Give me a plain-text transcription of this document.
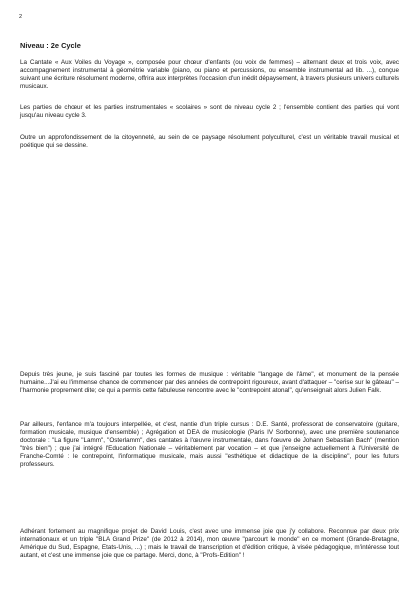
2
Niveau : 2e Cycle

La Cantate « Aux Voiles du Voyage », composée pour chœur d'enfants (ou voix de femmes) – alternant deux et trois voix, avec accompagnement instrumental à géométrie variable (piano, ou piano et percussions, ou ensemble instrumental ad lib. ...), conçue suivant une écriture résolument moderne, offrira aux interprètes l'occasion d'un inédit dépaysement, à travers plusieurs univers culturels musicaux.

Les parties de chœur et les parties instrumentales « scolaires » sont de niveau cycle 2 ; l'ensemble contient des parties qui vont jusqu'au niveau cycle 3.

Outre un approfondissement de la citoyenneté, au sein de ce paysage résolument polyculturel, c'est un véritable travail musical et poétique qui se dessine.

Depuis très jeune, je suis fasciné par toutes les formes de musique : véritable "langage de l'âme", et monument de la pensée humaine...J'ai eu l'immense chance de commencer par des années de contrepoint rigoureux, avant d'attaquer – "cerise sur le gâteau" – l'harmonie proprement dite; ce qui a permis cette fabuleuse rencontre avec le "contrepoint atonal", qu'enseignait alors Julien Falk.

Par ailleurs, l'enfance m'a toujours interpellée, et c'est, nantie d'un triple cursus : D.E. Santé, professorat de conservatoire (guitare, formation musicale, musique d'ensemble) ; Agrégation et DEA de musicologie (Paris IV Sorbonne), avec une première soutenance doctorale : "La figure "Lamm", "Osterlamm", des cantates à l'œuvre instrumentale, dans l'œuvre de Johann Sebastian Bach" (mention "très bien") ; que j'ai intégré l'Education Nationale – véritablement par vocation – et que j'enseigne actuellement à l'Université de Franche-Comté : le contrepoint, l'informatique musicale, mais aussi "esthétique et didactique de la discipline", pour les futurs professeurs.

Adhérant fortement au magnifique projet de David Louis, c'est avec une immense joie que j'y collabore. Reconnue par deux prix internationaux et un triple "BLA Grand Prize" (de 2012 à 2014), mon œuvre "parcourt le monde" en ce moment (Grande-Bretagne, Amérique du Sud, Espagne, Etats-Unis, ...) ; mais le travail de transcription et d'édition critique, à visée pédagogique, m'intéresse tout autant, et c'est une immense joie que ce partage. Merci, donc, à "Profs-Edition" !
